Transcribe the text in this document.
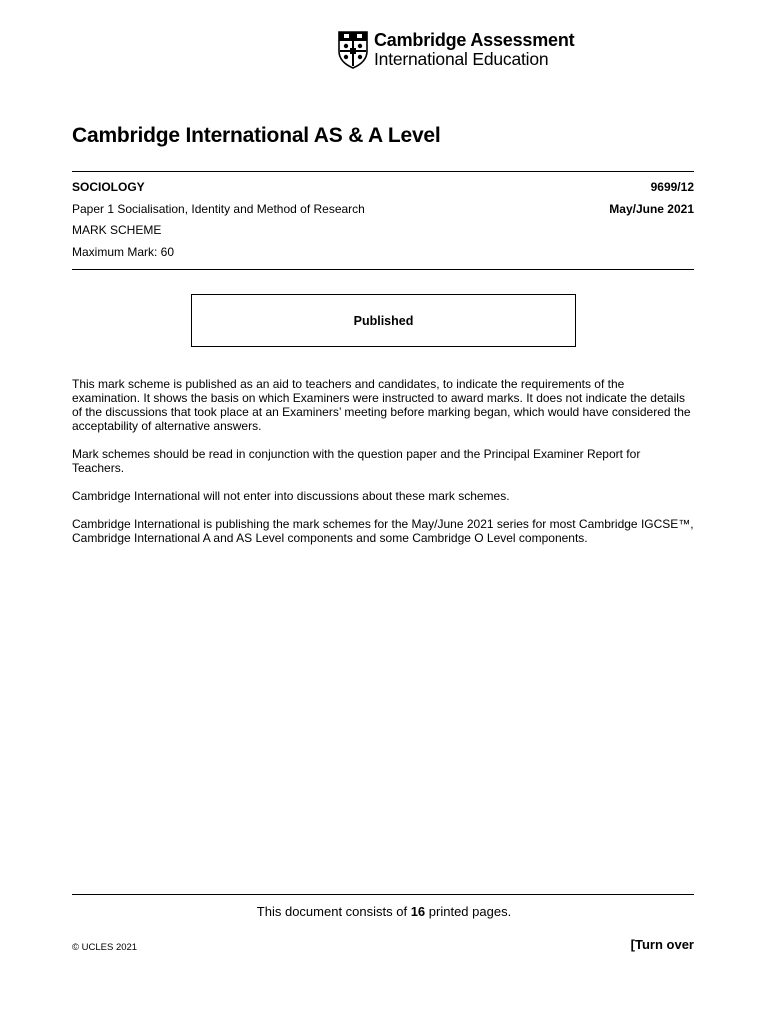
Cambridge Assessment
International Education
Cambridge International AS & A Level
SOCIOLOGY	9699/12
Paper 1 Socialisation, Identity and Method of Research	May/June 2021
MARK SCHEME
Maximum Mark: 60
Published

This mark scheme is published as an aid to teachers and candidates, to indicate the requirements of the examination. It shows the basis on which Examiners were instructed to award marks. It does not indicate the details of the discussions that took place at an Examiners’ meeting before marking began, which would have considered the acceptability of alternative answers.

Mark schemes should be read in conjunction with the question paper and the Principal Examiner Report for Teachers.

Cambridge International will not enter into discussions about these mark schemes.

Cambridge International is publishing the mark schemes for the May/June 2021 series for most Cambridge IGCSE™, Cambridge International A and AS Level components and some Cambridge O Level components.

This document consists of 16 printed pages.
© UCLES 2021	[Turn over
